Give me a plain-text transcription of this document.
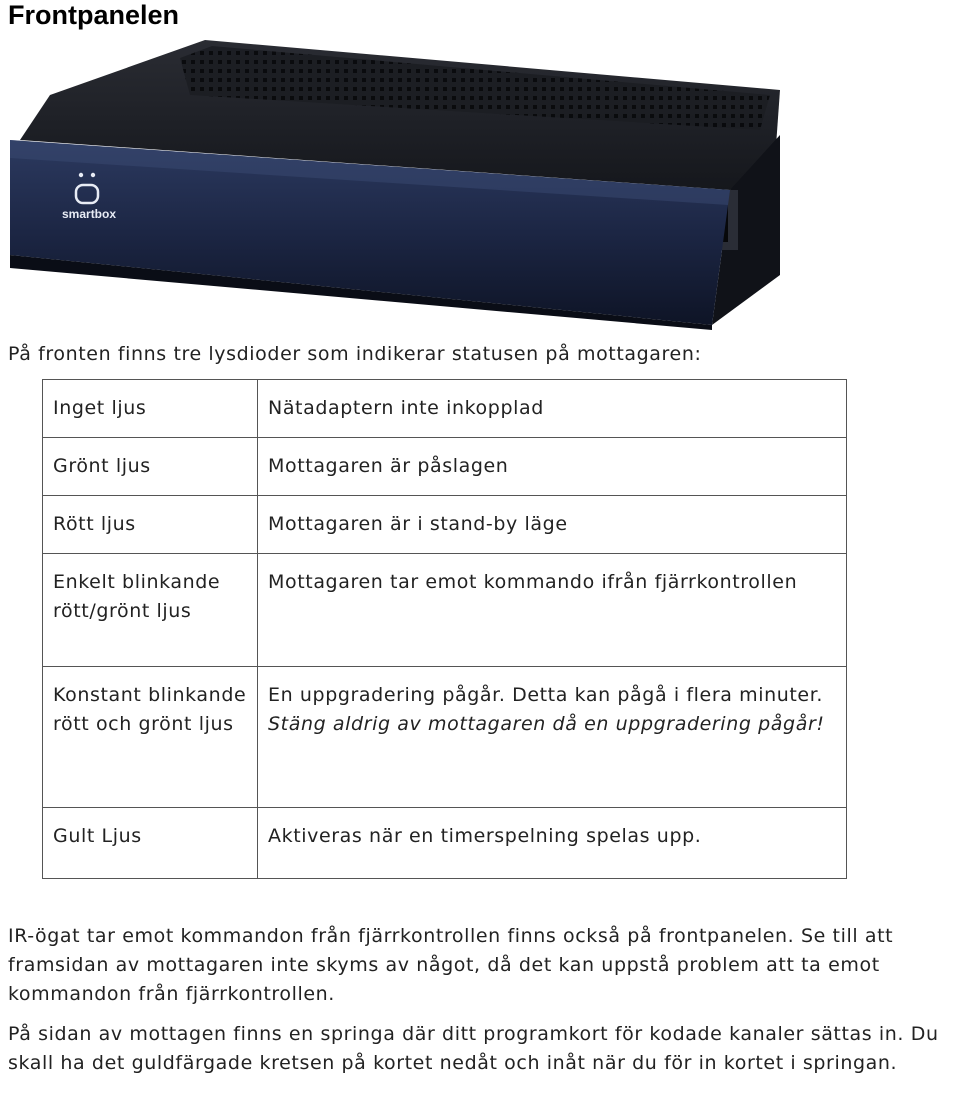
Frontpanelen
smartbox

På fronten finns tre lysdioder som indikerar statusen på mottagaren:

Inget ljus	Nätadaptern inte inkopplad
Grönt ljus	Mottagaren är påslagen
Rött ljus	Mottagaren är i stand-by läge
Enkelt blinkande rött/grönt ljus	Mottagaren tar emot kommando ifrån fjärrkontrollen
Konstant blinkande rött och grönt ljus	En uppgradering pågår. Detta kan pågå i flera minuter.
Stäng aldrig av mottagaren då en uppgradering pågår!

Gult Ljus	Aktiveras när en timerspelning spelas upp.

IR-ögat tar emot kommandon från fjärrkontrollen finns också på frontpanelen. Se till att framsidan av mottagaren inte skyms av något, då det kan uppstå problem att ta emot kommandon från fjärrkontrollen.

På sidan av mottagen finns en springa där ditt programkort för kodade kanaler sättas in. Du skall ha det guldfärgade kretsen på kortet nedåt och inåt när du för in kortet i springan.
